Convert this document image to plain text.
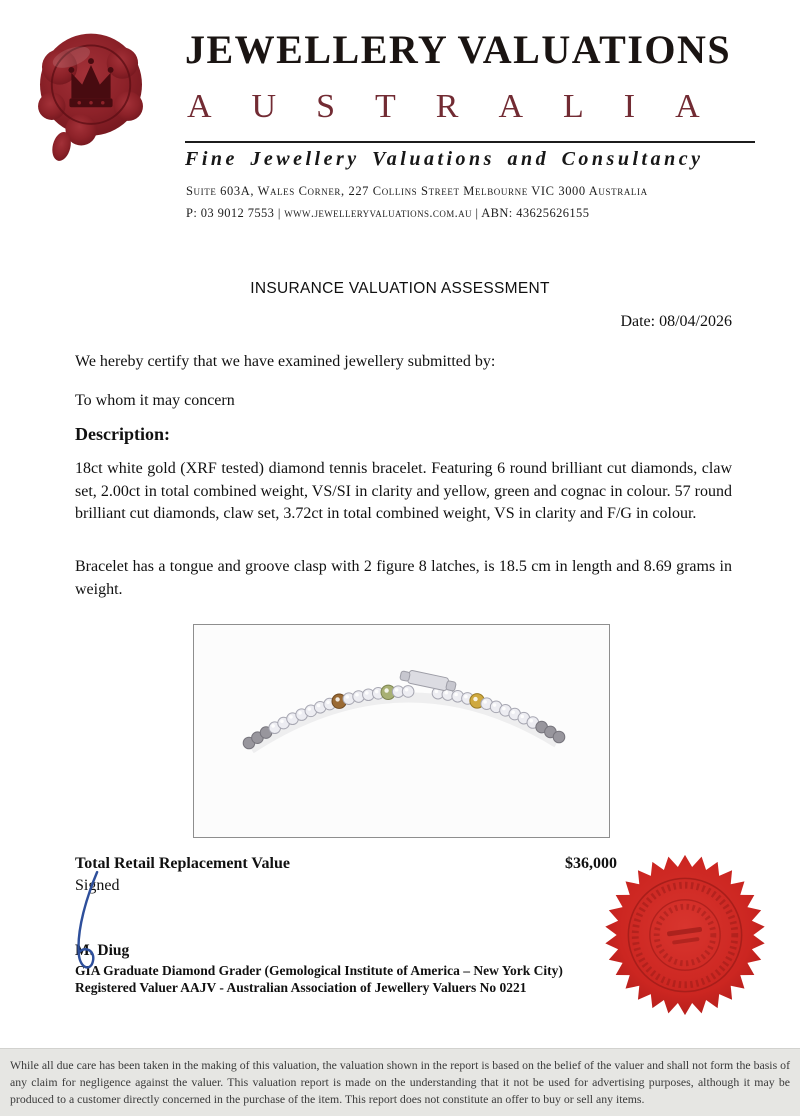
JEWELLERY VALUATIONS
AUSTRALIA
Fine Jewellery Valuations and Consultancy
Suite 603A, Wales Corner, 227 Collins Street Melbourne VIC 3000 Australia
P: 03 9012 7553 | www.jewelleryvaluations.com.au | ABN: 43625626155
INSURANCE VALUATION ASSESSMENT
Date: 08/04/2026

We hereby certify that we have examined jewellery submitted by:

To whom it may concern

Description:

18ct white gold (XRF tested) diamond tennis bracelet. Featuring 6 round brilliant cut diamonds, claw set, 2.00ct in total combined weight, VS/SI in clarity and yellow, green and cognac in colour. 57 round brilliant cut diamonds, claw set, 3.72ct in total combined weight, VS in clarity and F/G in colour.

Bracelet has a tongue and groove clasp with 2 figure 8 latches, is 18.5 cm in length and 8.69 grams in weight.

Total Retail Replacement Value	$36,000
Signed
M. Diug
GIA Graduate Diamond Grader (Gemological Institute of America – New York City)
Registered Valuer AAJV - Australian Association of Jewellery Valuers No 0221

While all due care has been taken in the making of this valuation, the valuation shown in the report is based on the belief of the valuer and shall not form the basis of any claim for negligence against the valuer. This valuation report is made on the understanding that it not be used for advertising purposes, although it may be produced to a customer directly concerned in the purchase of the item. This report does not constitute an offer to buy or sell any items.
